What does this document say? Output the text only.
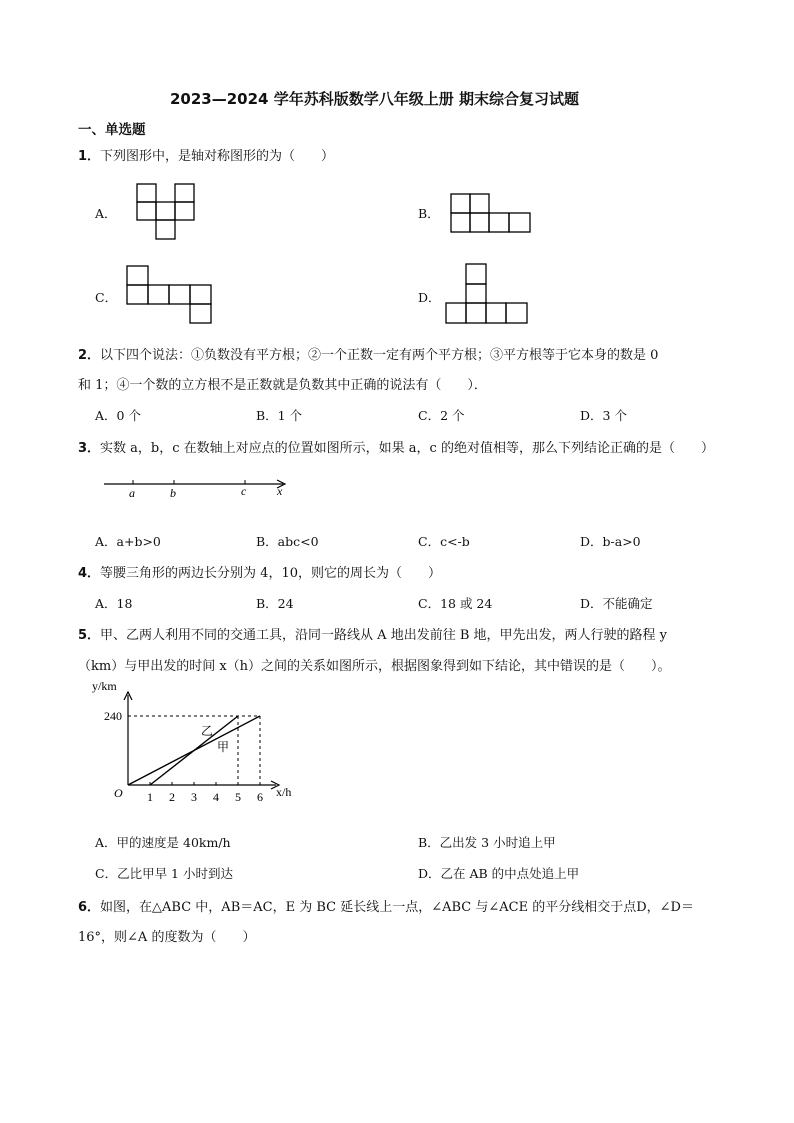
2023—2024 学年苏科版数学八年级上册 期末综合复习试题
一、单选题
1．下列图形中，是轴对称图形的为（　　）
A．	B．
C．	D．
2．以下四个说法：①负数没有平方根；②一个正数一定有两个平方根；③平方根等于它本身的数是 0
和 1；④一个数的立方根不是正数就是负数其中正确的说法有（　　）．
A．0 个	B．1 个	C．2 个	D．3 个
3．实数 a，b，c 在数轴上对应点的位置如图所示，如果 a，c 的绝对值相等，那么下列结论正确的是（　　）
a	b	c	x
A．a+b>0	B．abc<0	C．c<-b	D．b-a>0
4．等腰三角形的两边长分别为 4，10，则它的周长为（　　）
A．18	B．24	C．18 或 24	D．不能确定
5．甲、乙两人利用不同的交通工具，沿同一路线从 A 地出发前往 B 地，甲先出发，两人行驶的路程 y
（km）与甲出发的时间 x（h）之间的关系如图所示，根据图象得到如下结论，其中错误的是（　　）。
y/km
x/h
O
240
乙
甲
1 2 3 4 5 6
A．甲的速度是 40km/h	B．乙出发 3 小时追上甲
C．乙比甲早 1 小时到达	D．乙在 AB 的中点处追上甲
6．如图，在△ABC 中，AB＝AC，E 为 BC 延长线上一点，∠ABC 与∠ACE 的平分线相交于点D，∠D＝
16°，则∠A 的度数为（　　）
